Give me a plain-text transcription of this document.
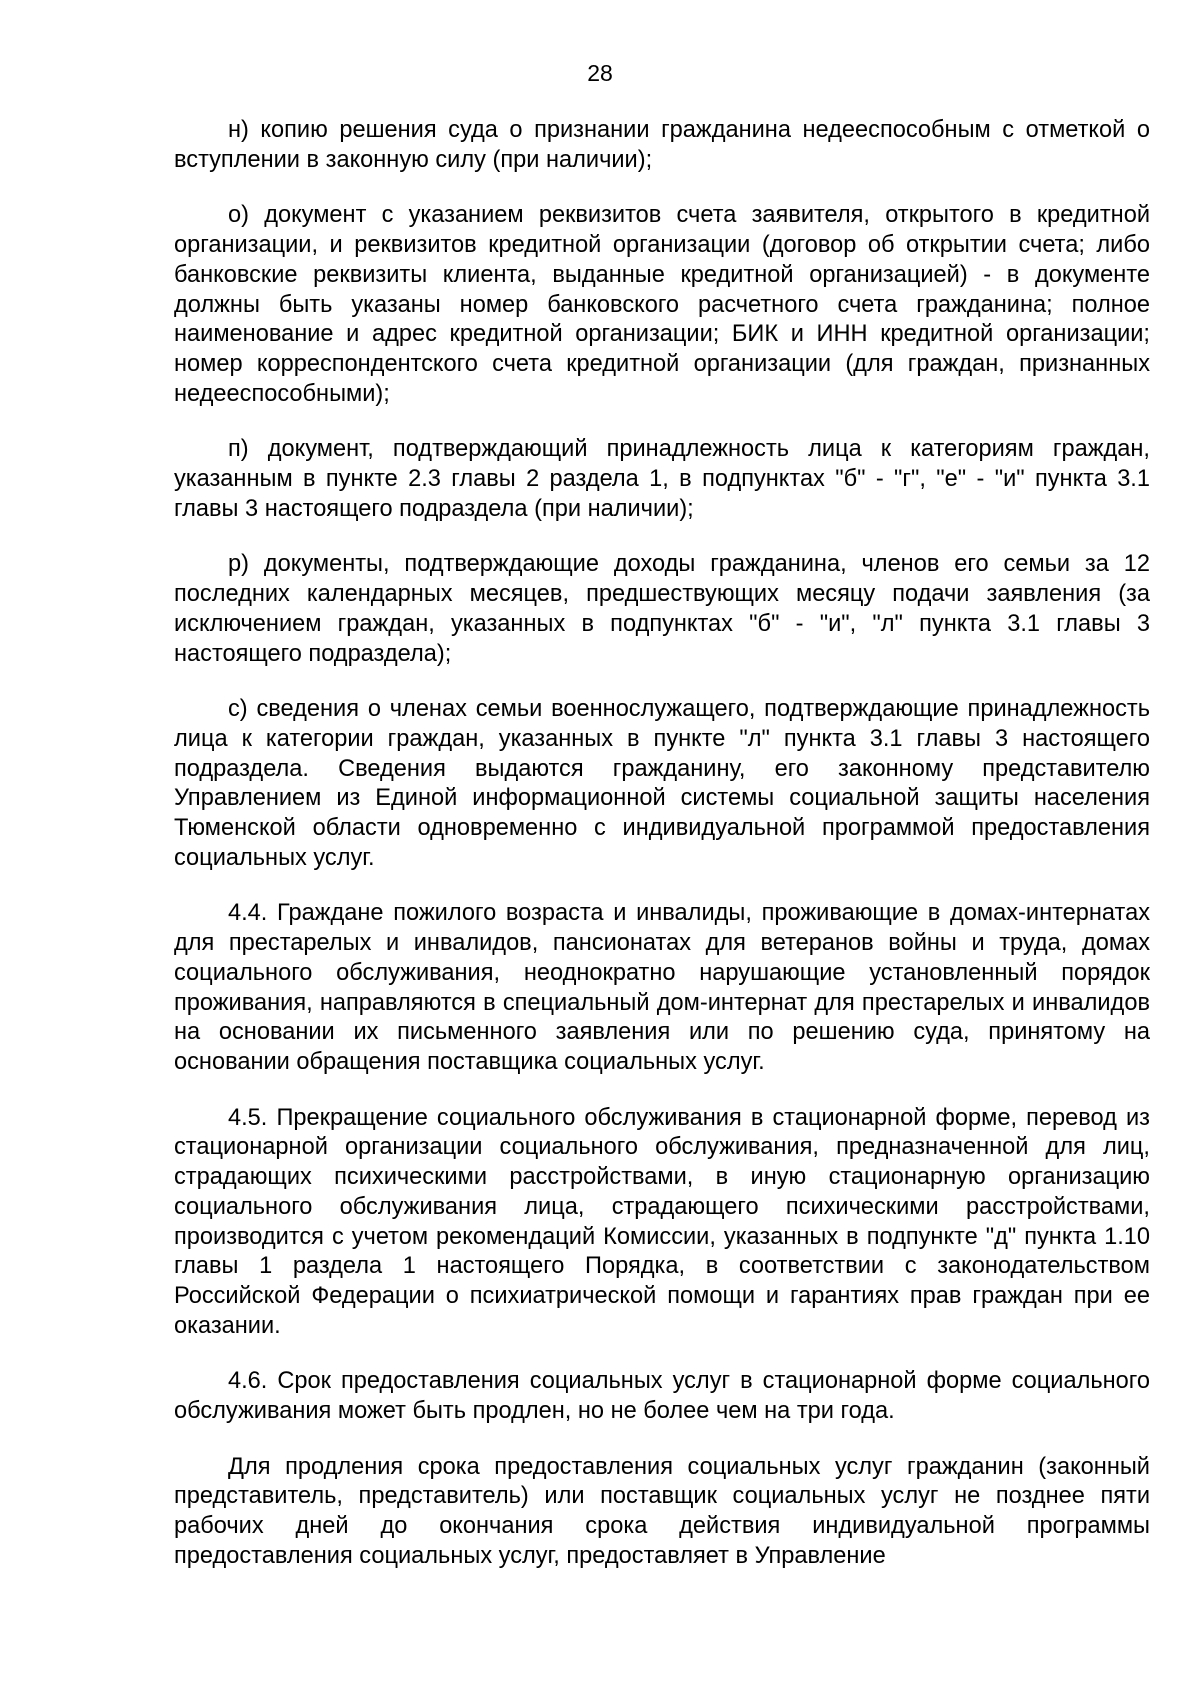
28

н) копию решения суда о признании гражданина недееспособным с отметкой о вступлении в законную силу (при наличии);

о) документ с указанием реквизитов счета заявителя, открытого в кредитной организации, и реквизитов кредитной организации (договор об открытии счета; либо банковские реквизиты клиента, выданные кредитной организацией) - в документе должны быть указаны номер банковского расчетного счета гражданина; полное наименование и адрес кредитной организации; БИК и ИНН кредитной организации; номер корреспондентского счета кредитной организации (для граждан, признанных недееспособными);

п) документ, подтверждающий принадлежность лица к категориям граждан, указанным в пункте 2.3 главы 2 раздела 1, в подпунктах "б" - "г", "е" - "и" пункта 3.1 главы 3 настоящего подраздела (при наличии);

р) документы, подтверждающие доходы гражданина, членов его семьи за 12 последних календарных месяцев, предшествующих месяцу подачи заявления (за исключением граждан, указанных в подпунктах "б" - "и", "л" пункта 3.1 главы 3 настоящего подраздела);

с) сведения о членах семьи военнослужащего, подтверждающие принадлежность лица к категории граждан, указанных в пункте "л" пункта 3.1 главы 3 настоящего подраздела. Сведения выдаются гражданину, его законному представителю Управлением из Единой информационной системы социальной защиты населения Тюменской области одновременно с индивидуальной программой предоставления социальных услуг.

4.4. Граждане пожилого возраста и инвалиды, проживающие в домах-интернатах для престарелых и инвалидов, пансионатах для ветеранов войны и труда, домах социального обслуживания, неоднократно нарушающие установленный порядок проживания, направляются в специальный дом-интернат для престарелых и инвалидов на основании их письменного заявления или по решению суда, принятому на основании обращения поставщика социальных услуг.

4.5. Прекращение социального обслуживания в стационарной форме, перевод из стационарной организации социального обслуживания, предназначенной для лиц, страдающих психическими расстройствами, в иную стационарную организацию социального обслуживания лица, страдающего психическими расстройствами, производится с учетом рекомендаций Комиссии, указанных в подпункте "д" пункта 1.10 главы 1 раздела 1 настоящего Порядка, в соответствии с законодательством Российской Федерации о психиатрической помощи и гарантиях прав граждан при ее оказании.

4.6. Срок предоставления социальных услуг в стационарной форме социального обслуживания может быть продлен, но не более чем на три года.

Для продления срока предоставления социальных услуг гражданин (законный представитель, представитель) или поставщик социальных услуг не позднее пяти рабочих дней до окончания срока действия индивидуальной программы предоставления социальных услуг, предоставляет в Управление
